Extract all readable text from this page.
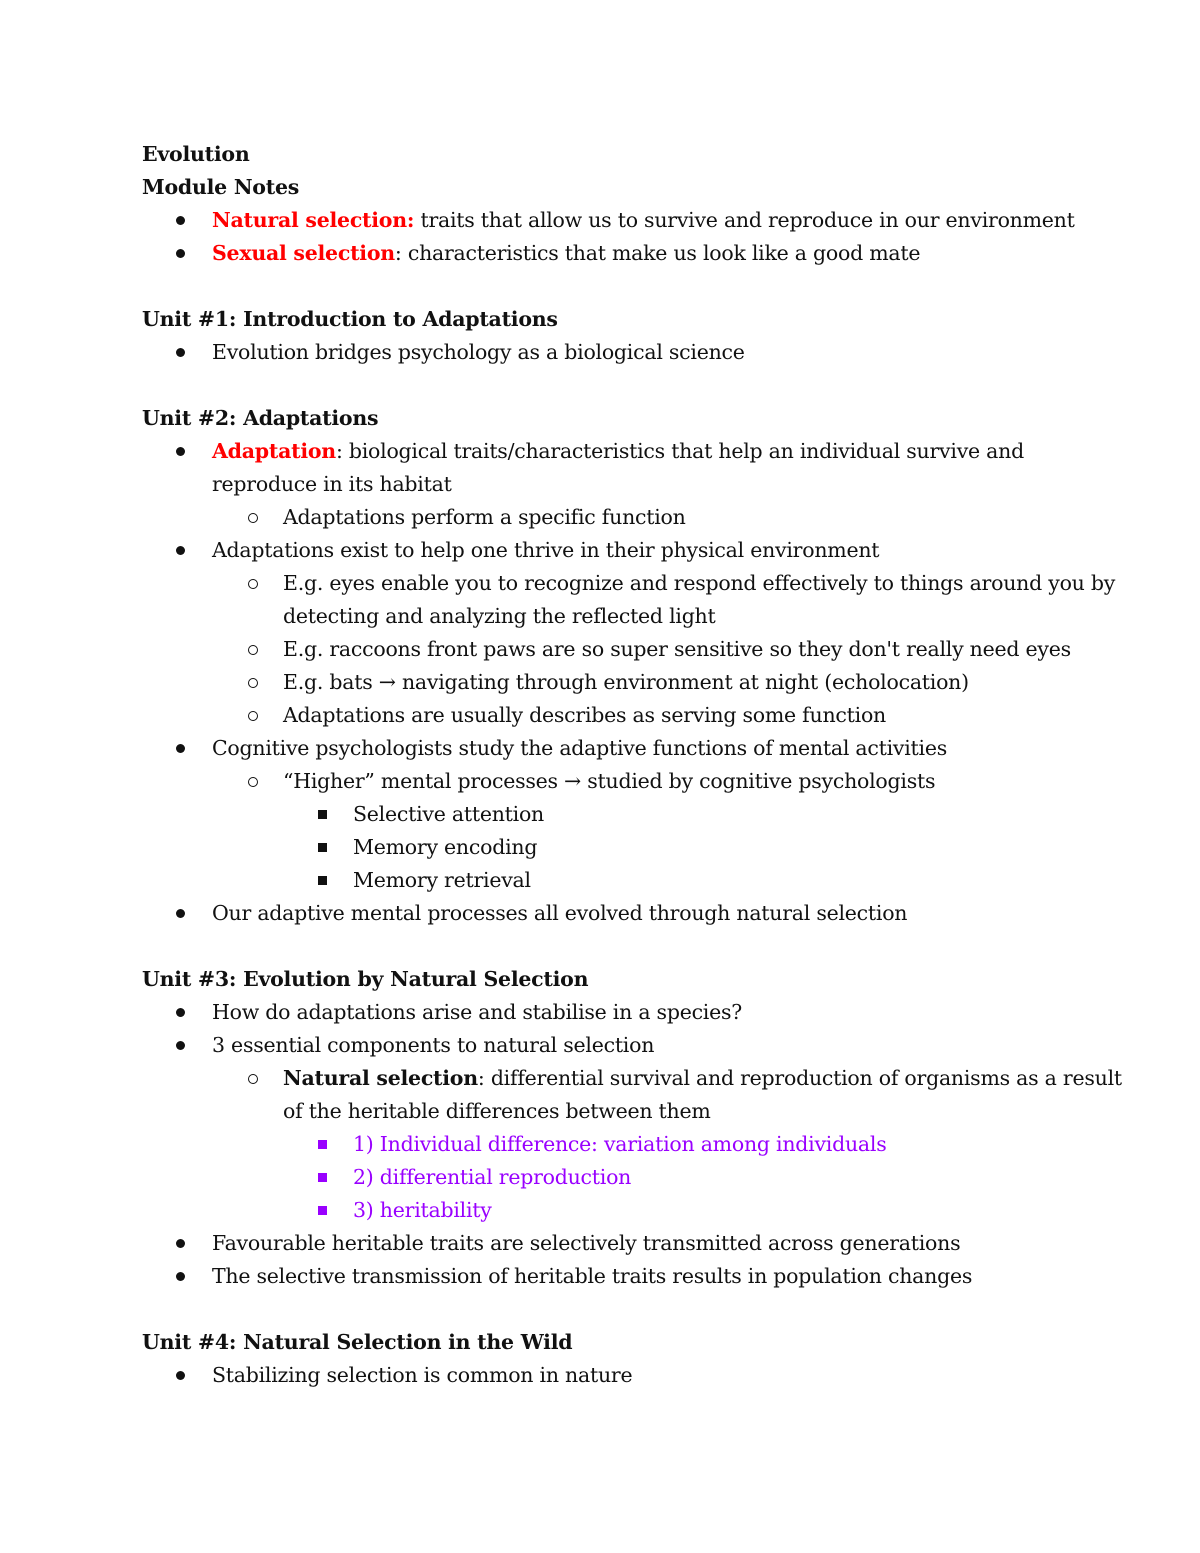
Evolution
Module Notes
Natural selection: traits that allow us to survive and reproduce in our environment
Sexual selection: characteristics that make us look like a good mate
Unit #1: Introduction to Adaptations
Evolution bridges psychology as a biological science
Unit #2: Adaptations
Adaptation: biological traits/characteristics that help an individual survive and reproduce in its habitat
Adaptations perform a specific function
Adaptations exist to help one thrive in their physical environment
E.g. eyes enable you to recognize and respond effectively to things around you by detecting and analyzing the reflected light
E.g. raccoons front paws are so super sensitive so they don't really need eyes
E.g. bats → navigating through environment at night (echolocation)
Adaptations are usually describes as serving some function
Cognitive psychologists study the adaptive functions of mental activities
“Higher” mental processes → studied by cognitive psychologists
Selective attention
Memory encoding
Memory retrieval
Our adaptive mental processes all evolved through natural selection
Unit #3: Evolution by Natural Selection
How do adaptations arise and stabilise in a species?
3 essential components to natural selection
Natural selection: differential survival and reproduction of organisms as a result of the heritable differences between them
1) Individual difference: variation among individuals
2) differential reproduction
3) heritability
Favourable heritable traits are selectively transmitted across generations
The selective transmission of heritable traits results in population changes
Unit #4: Natural Selection in the Wild
Stabilizing selection is common in nature
